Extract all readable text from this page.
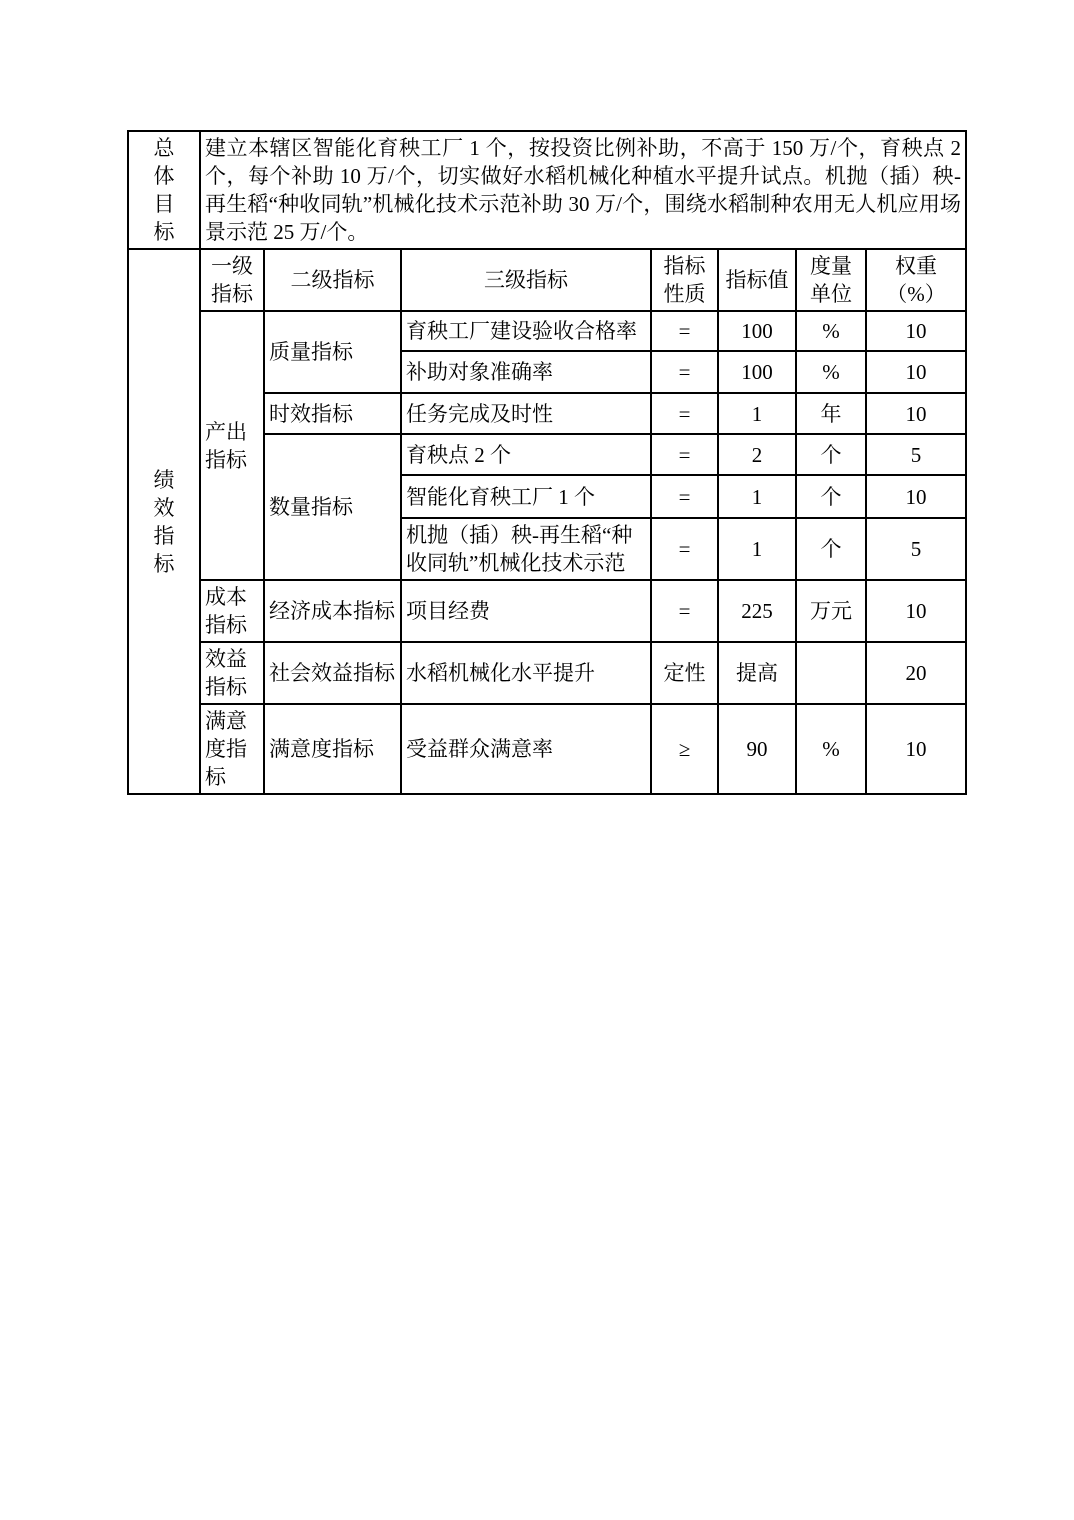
总体目标	建立本辖区智能化育秧工厂 1 个，按投资比例补助，不高于 150 万/个，育秧点 2 个，每个补助 10 万/个，切实做好水稻机械化种植水平提升试点。机抛（插）秧-再生稻“种收同轨”机械化技术示范补助 30 万/个，围绕水稻制种农用无人机应用场景示范 25 万/个。						
绩效指标	一级指标	二级指标	三级指标	指标性质	指标值	度量单位	权重（%）
	产出指标	质量指标	育秧工厂建设验收合格率	=	100	%	10
			补助对象准确率	=	100	%	10
		时效指标	任务完成及时性	=	1	年	10
		数量指标	育秧点 2 个	=	2	个	5
			智能化育秧工厂 1 个	=	1	个	10
			机抛（插）秧-再生稻“种收同轨”机械化技术示范	=	1	个	5
	成本指标	经济成本指标	项目经费	=	225	万元	10
	效益指标	社会效益指标	水稻机械化水平提升	定性	提高		20
	满意度指标	满意度指标	受益群众满意率	≥	90	%	10
